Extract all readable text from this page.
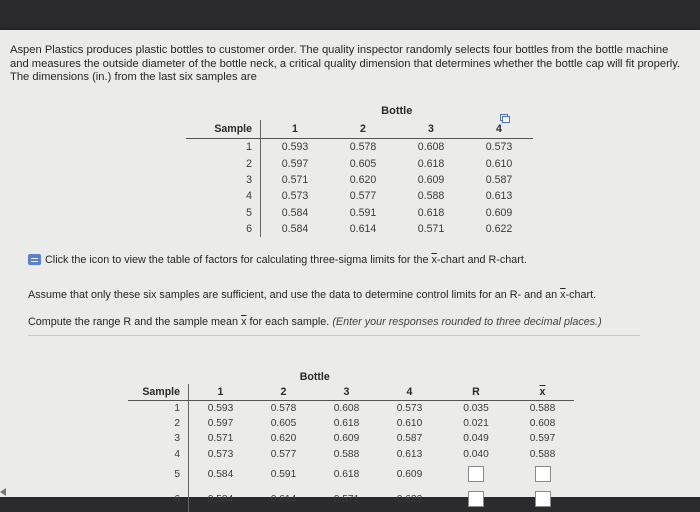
Aspen Plastics produces plastic bottles to customer order. The quality inspector randomly selects four bottles from the bottle machine and measures the outside diameter of the bottle neck, a critical quality dimension that determines whether the bottle cap will fit properly. The dimensions (in.) from the last six samples are
	Bottle			
Sample	1	2	3	4
1	0.593	0.578	0.608	0.573
2	0.597	0.605	0.618	0.610
3	0.571	0.620	0.609	0.587
4	0.573	0.577	0.588	0.613
5	0.584	0.591	0.618	0.609
6	0.584	0.614	0.571	0.622
Click the icon to view the table of factors for calculating three-sigma limits for the $\overline{x}$-chart and R-chart.
Assume that only these six samples are sufficient, and use the data to determine control limits for an R- and an $\overline{x}$-chart.
Compute the range R and the sample mean $\overline{x}$ for each sample. (Enter your responses rounded to three decimal places.)
	Bottle					
Sample	1	2	3	4	R	$\overline{x}$
1	0.593	0.578	0.608	0.573	0.035	0.588
2	0.597	0.605	0.618	0.610	0.021	0.608
3	0.571	0.620	0.609	0.587	0.049	0.597
4	0.573	0.577	0.588	0.613	0.040	0.588
5	0.584	0.591	0.618	0.609		
6	0.584	0.614	0.571	0.622		
